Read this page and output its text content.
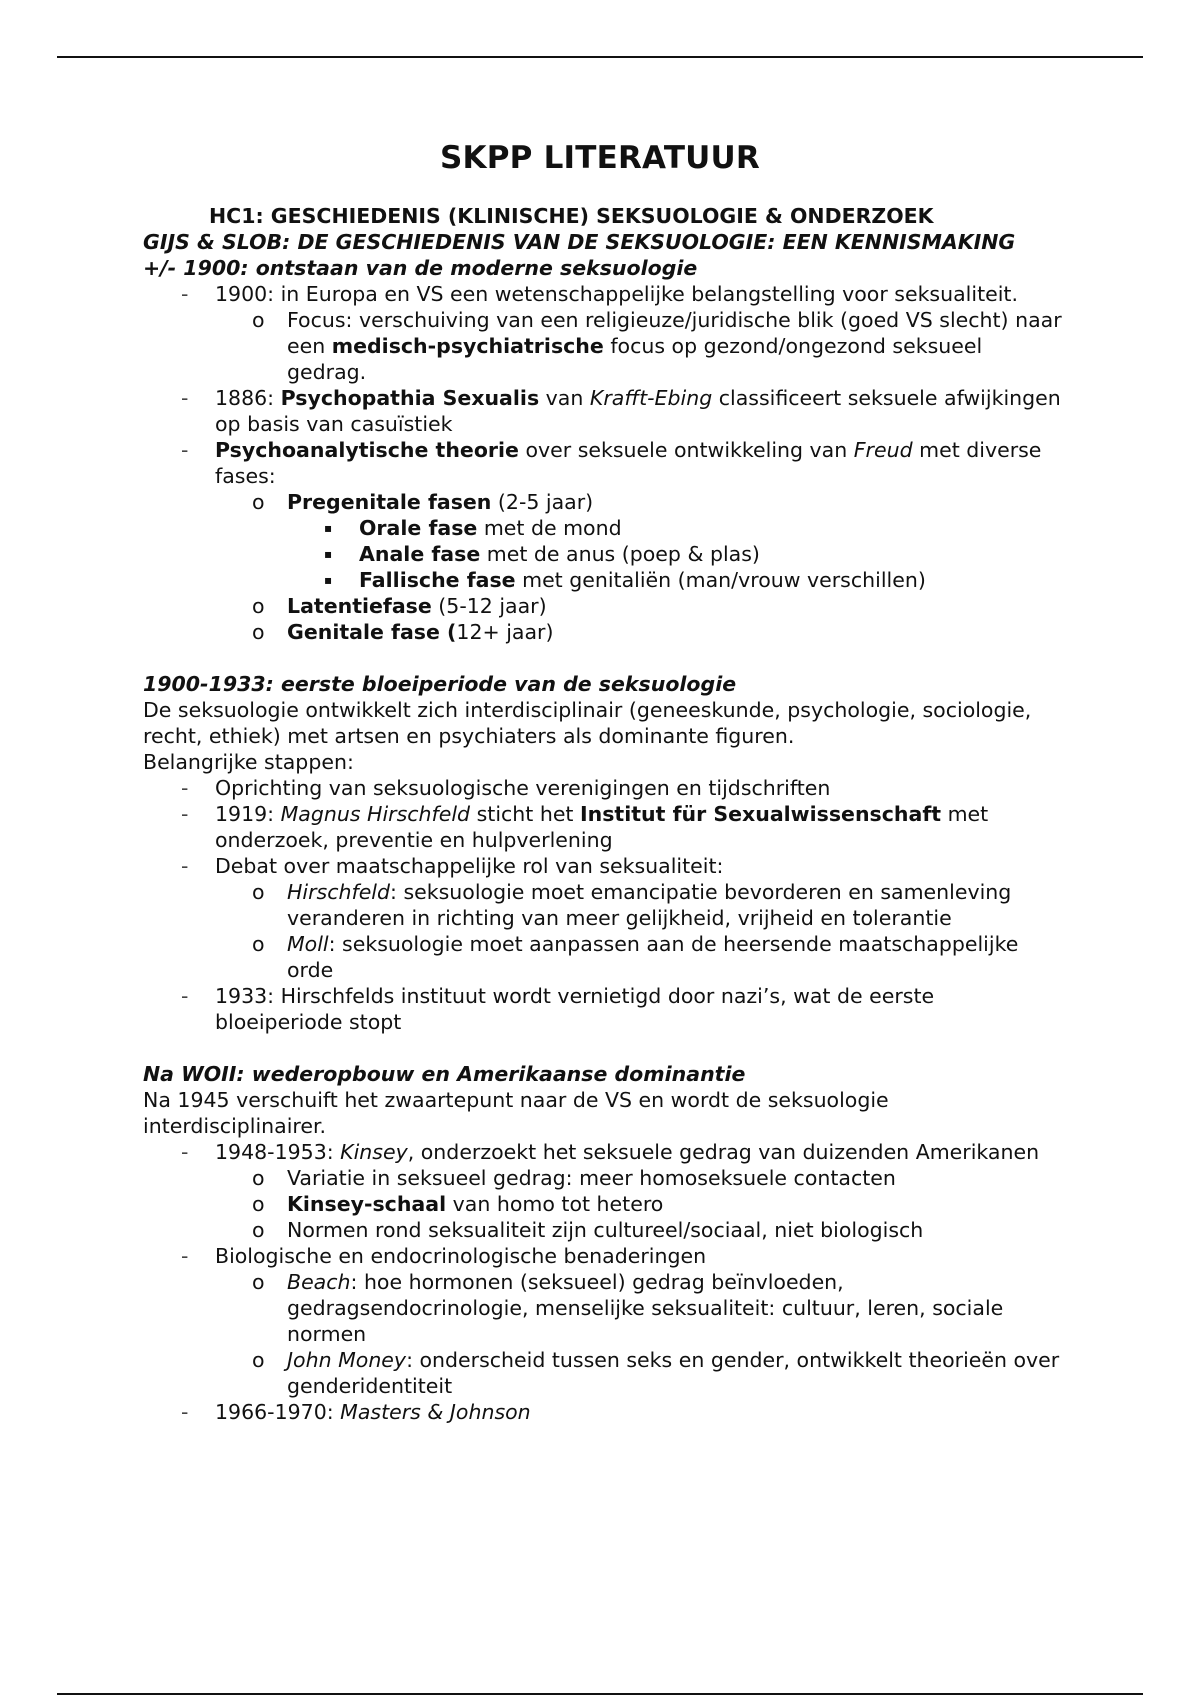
SKPP LITERATUUR
HC1: GESCHIEDENIS (KLINISCHE) SEKSUOLOGIE & ONDERZOEK
GIJS & SLOB: DE GESCHIEDENIS VAN DE SEKSUOLOGIE: EEN KENNISMAKING
+/- 1900: ontstaan van de moderne seksuologie
- 1900: in Europa en VS een wetenschappelijke belangstelling voor seksualiteit.
o Focus: verschuiving van een religieuze/juridische blik (goed VS slecht) naar een medisch-psychiatrische focus op gezond/ongezond seksueel gedrag.
- 1886: Psychopathia Sexualis van Krafft-Ebing classificeert seksuele afwijkingen op basis van casuïstiek
- Psychoanalytische theorie over seksuele ontwikkeling van Freud met diverse fases:
o Pregenitale fasen (2-5 jaar)
▪ Orale fase met de mond
▪ Anale fase met de anus (poep & plas)
▪ Fallische fase met genitaliën (man/vrouw verschillen)
o Latentiefase (5-12 jaar)
o Genitale fase (12+ jaar)
1900-1933: eerste bloeiperiode van de seksuologie
De seksuologie ontwikkelt zich interdisciplinair (geneeskunde, psychologie, sociologie, recht, ethiek) met artsen en psychiaters als dominante figuren.
Belangrijke stappen:
- Oprichting van seksuologische verenigingen en tijdschriften
- 1919: Magnus Hirschfeld sticht het Institut für Sexualwissenschaft met onderzoek, preventie en hulpverlening
- Debat over maatschappelijke rol van seksualiteit:
o Hirschfeld: seksuologie moet emancipatie bevorderen en samenleving veranderen in richting van meer gelijkheid, vrijheid en tolerantie
o Moll: seksuologie moet aanpassen aan de heersende maatschappelijke orde
- 1933: Hirschfelds instituut wordt vernietigd door nazi’s, wat de eerste bloeiperiode stopt
Na WOII: wederopbouw en Amerikaanse dominantie
Na 1945 verschuift het zwaartepunt naar de VS en wordt de seksuologie interdisciplinairer.
- 1948-1953: Kinsey, onderzoekt het seksuele gedrag van duizenden Amerikanen
o Variatie in seksueel gedrag: meer homoseksuele contacten
o Kinsey-schaal van homo tot hetero
o Normen rond seksualiteit zijn cultureel/sociaal, niet biologisch
- Biologische en endocrinologische benaderingen
o Beach: hoe hormonen (seksueel) gedrag beïnvloeden, gedragsendocrinologie, menselijke seksualiteit: cultuur, leren, sociale normen
o John Money: onderscheid tussen seks en gender, ontwikkelt theorieën over genderidentiteit
- 1966-1970: Masters & Johnson
